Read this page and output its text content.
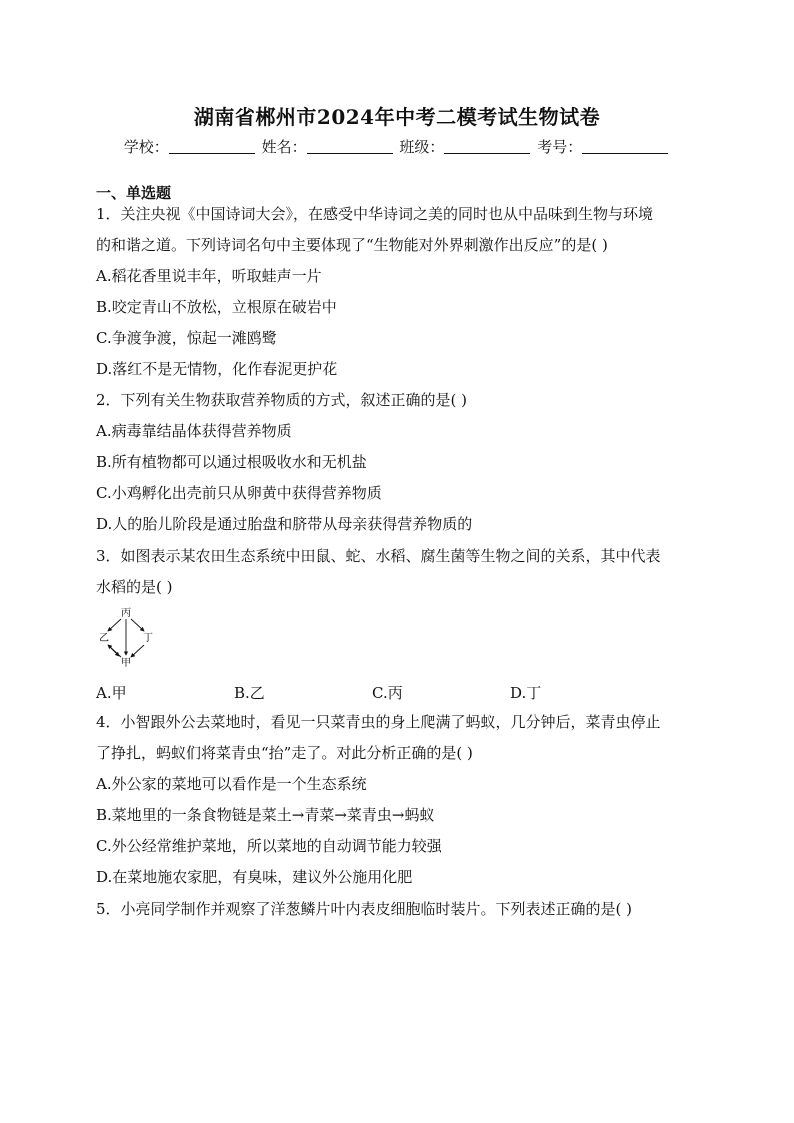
湖南省郴州市2024年中考二模考试生物试卷
学校：	姓名：	班级：	考号：
一、单选题
1．关注央视《中国诗词大会》，在感受中华诗词之美的同时也从中品味到生物与环境
的和谐之道。下列诗词名句中主要体现了“生物能对外界刺激作出反应”的是( )
A.稻花香里说丰年，听取蛙声一片
B.咬定青山不放松，立根原在破岩中
C.争渡争渡，惊起一滩鸥鹭
D.落红不是无情物，化作春泥更护花
2．下列有关生物获取营养物质的方式，叙述正确的是( )
A.病毒靠结晶体获得营养物质
B.所有植物都可以通过根吸收水和无机盐
C.小鸡孵化出壳前只从卵黄中获得营养物质
D.人的胎儿阶段是通过胎盘和脐带从母亲获得营养物质的
3．如图表示某农田生态系统中田鼠、蛇、水稻、腐生菌等生物之间的关系，其中代表
水稻的是( )
丙
乙	丁
甲
A.甲	B.乙	C.丙	D.丁
4．小智跟外公去菜地时，看见一只菜青虫的身上爬满了蚂蚁，几分钟后，菜青虫停止
了挣扎，蚂蚁们将菜青虫“抬”走了。对此分析正确的是( )
A.外公家的菜地可以看作是一个生态系统
B.菜地里的一条食物链是菜土→青菜→菜青虫→蚂蚁
C.外公经常维护菜地，所以菜地的自动调节能力较强
D.在菜地施农家肥，有臭味，建议外公施用化肥
5．小亮同学制作并观察了洋葱鳞片叶内表皮细胞临时装片。下列表述正确的是( )
